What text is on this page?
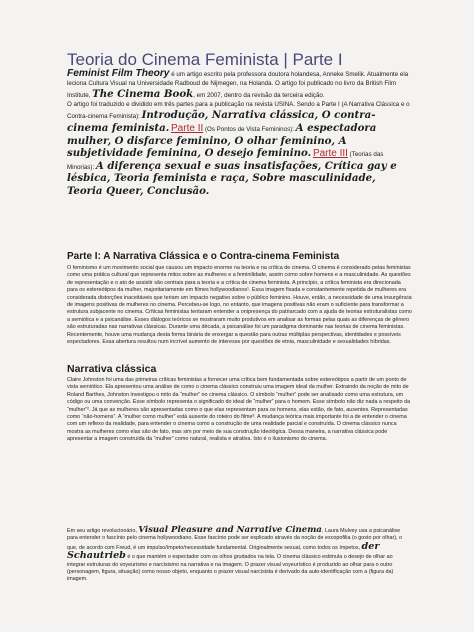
Teoria do Cinema Feminista | Parte I

Feminist Film Theory é um artigo escrito pela professora doutora holandesa, Anneke Smelik. Atualmente ela leciona Cultura Visual na Universidade Radboud de Nijmegen, na Holanda. O artigo foi publicado no livro da British Film Institute, The Cinema Book, em 2007, dentro da revisão da terceira edição.
O artigo foi traduzido e dividido em três partes para a publicação na revista USINA. Sendo a Parte I (A Narrativa Clássica e o Contra-cinema Feminista): Introdução, Narrativa clássica, O contra-cinema feminista. Parte II (Os Pontos de Vista Femininos): A espectadora mulher, O disfarce feminino, O olhar feminino, A subjetividade feminina, O desejo feminino. Parte III (Teorias das Minorias): A diferença sexual e suas insatisfações, Crítica gay e lésbica, Teoria feminista e raça, Sobre masculinidade, Teoria Queer, Conclusão.

Parte I: A Narrativa Clássica e o Contra-cinema Feminista

O feminismo é um movimento social que causou um impacto enorme na teoria e na crítica de cinema. O cinema é considerado pelas feministas como uma prática cultural que representa mitos sobre as mulheres e a feminilidade, assim como sobre homens e a masculinidade. As questões de representação e o ato de assistir são centrais para a teoria e a crítica de cinema feminista. A princípio, a crítica feminista era direcionada para os estereótipos da mulher, majoritariamente em filmes hollywoodianos¹. Essa imagem fixada e constantemente repetida de mulheres era considerada distorções inaceitáveis que teriam um impacto negativo sobre o público feminino. Houve, então, a necessidade de uma insurgência de imagens positivas de mulheres no cinema. Percebeu-se logo, no entanto, que imagens positivas não eram o suficiente para transformar a estrutura subjacente no cinema. Críticas feministas tentaram entender a onipresença do patriarcado com a ajuda de teorias estruturalistas como a semiótica e a psicanálise. Esses diálogos teóricos se mostraram muito produtivos em analisar as formas pelas quais as diferenças de gênero são estruturadas nas narrativas clássicas. Durante uma década, a psicanálise foi um paradigma dominante nas teorias de cinema feministas. Recentemente, houve uma mudança desta forma binária de enxergar a questão para outras múltiplas perspectivas, identidades e possíveis espectadores. Essa abertura resultou num incrível aumento de interesse por questões de etnia, masculinidade e sexualidades híbridas.

Narrativa clássica

Claire Johnston foi uma das primeiras críticas feministas a fornecer uma crítica bem fundamentada sobre estereótipos a partir de um ponto de vista semiótico. Ela apresentou uma análise de como o cinema clássico construiu uma imagem ideal da mulher. Extraindo da noção de mito de Roland Barthes, Johnston investigou o mito da “mulher” no cinema clássico. O símbolo “mulher” pode ser analisado como uma estrutura, um código ou uma convenção. Esse símbolo representa o significado do ideal de “mulher” para o homem. Esse símbolo não diz nada a respeito da “mulher”². Já que as mulheres são apresentadas como o que elas representam para os homens, elas estão, de fato, ausentes. Representadas como “não-homens”. A “mulher como mulher” está ausente do roteiro do filme³. A mudança teórica mais importante foi a de entender o cinema com um reflexo da realidade, para entender o cinema como a construção de uma realidade parcial e construída. O cinema clássico nunca mostra as mulheres como elas são de fato, mas sim por meio de sua construção ideológica. Dessa maneira, a narrativa clássica pode apresentar a imagem construída da “mulher” como natural, realista e atrativa. Isto é o ilusionismo do cinema.

Em seu artigo revolucionário, Visual Pleasure and Narrative Cinema, Laura Mulvey usa a psicanálise para entender o fascínio pelo cinema hollywoodiano. Esse fascínio pode ser explicado através da noção de escopofilia (o gosto por olhar), o que, de acordo com Freud, é um impulso/ímpeto/necessidade fundamental. Originalmente sexual, como todos os ímpetos, der Schautrieb é o que mantém o espectador com os olhos grudados na tela. O cinema clássico estimula o desejo de olhar ao integrar estruturas do voyeurismo e narcisismo na narrativa e na imagem. O prazer visual voyeurístico é produzido ao olhar para o outro (personagem, figura, situação) como nosso objeto, enquanto o prazer visual narcisista é derivado da auto-identificação com a (figura da) imagem.
